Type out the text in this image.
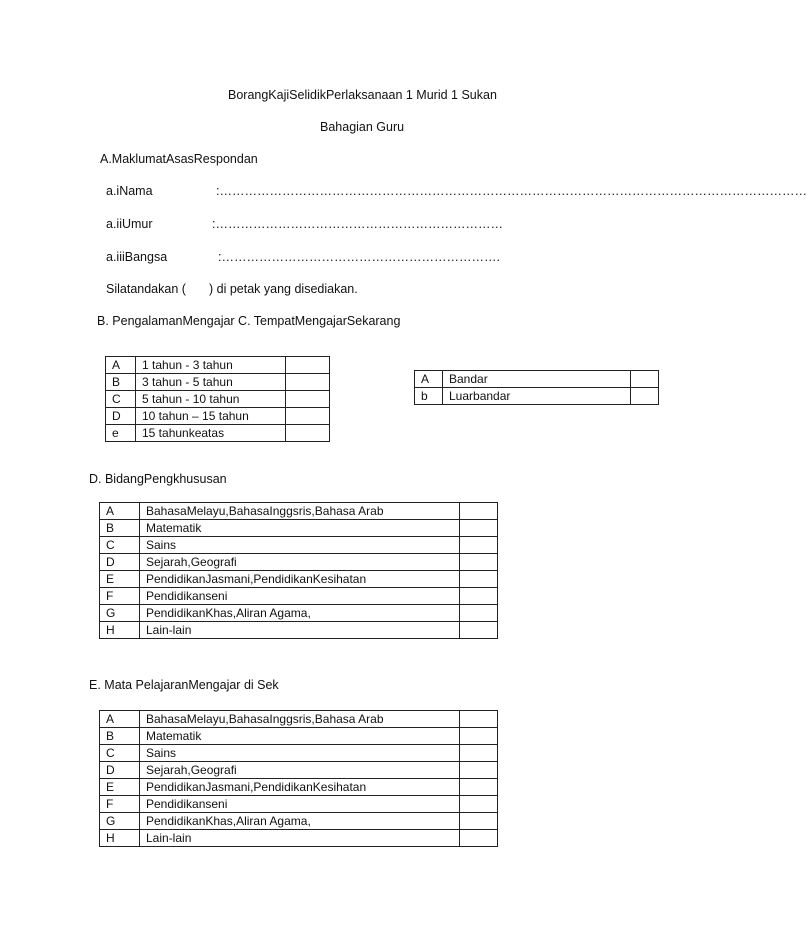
BorangKajiSelidikPerlaksanaan 1 Murid 1 Sukan
Bahagian Guru
A.MaklumatAsasRespondan
a.iNama	:……………………………………………………………………………………………………………………………
a.iiUmur	:……………………………………………………………
a.iiiBangsa	:………………………………………………………….
Silatandakan ( ) di petak yang disediakan.
B. PengalamanMengajar C. TempatMengajarSekarang
A	1 tahun - 3 tahun	
B	3 tahun - 5 tahun	
C	5 tahun - 10 tahun	
D	10 tahun – 15 tahun	
e	15 tahunkeatas	
A	Bandar	
b	Luarbandar	
D. BidangPengkhususan
A	BahasaMelayu,BahasaInggsris,Bahasa Arab	
B	Matematik	
C	Sains	
D	Sejarah,Geografi	
E	PendidikanJasmani,PendidikanKesihatan	
F	Pendidikanseni	
G	PendidikanKhas,Aliran Agama,	
H	Lain-lain	
E. Mata PelajaranMengajar di Sek
A	BahasaMelayu,BahasaInggsris,Bahasa Arab	
B	Matematik	
C	Sains	
D	Sejarah,Geografi	
E	PendidikanJasmani,PendidikanKesihatan	
F	Pendidikanseni	
G	PendidikanKhas,Aliran Agama,	
H	Lain-lain	
